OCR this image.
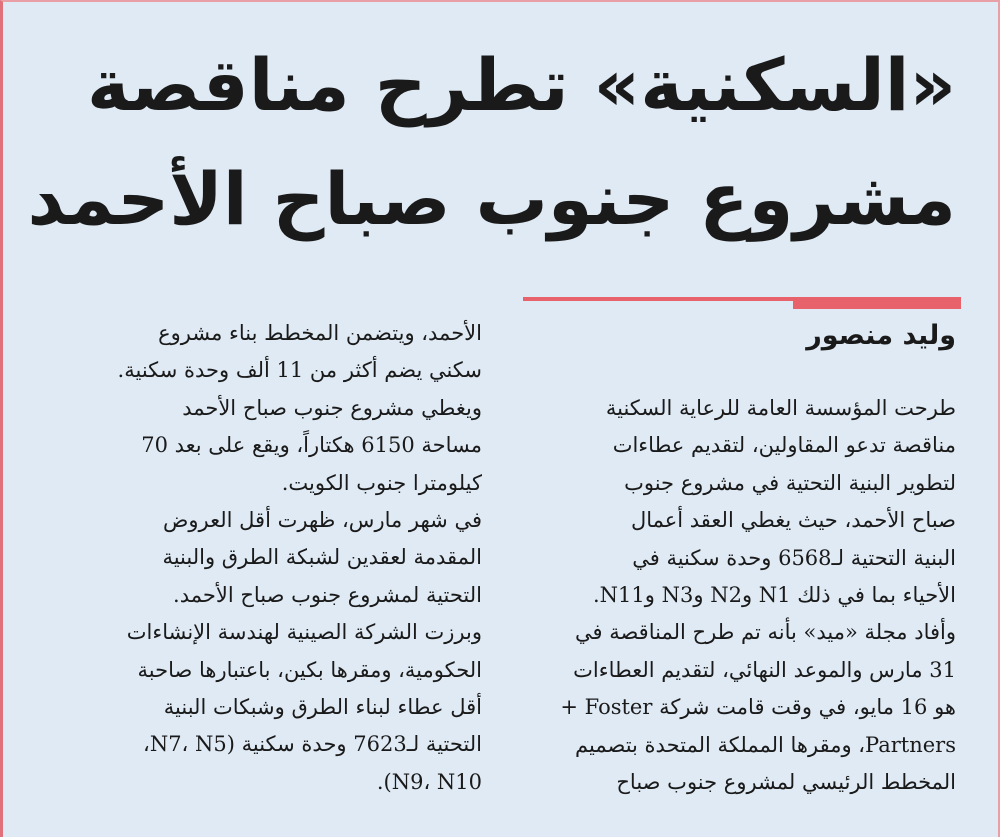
«السكنية» تطرح مناقصة
مشروع جنوب صباح الأحمد
وليد منصور
طرحت المؤسسة العامة للرعاية السكنية
مناقصة تدعو المقاولين، لتقديم عطاءات
لتطوير البنية التحتية في مشروع جنوب
صباح الأحمد، حيث يغطي العقد أعمال
البنية التحتية لـ6568 وحدة سكنية في
الأحياء بما في ذلك N1 وN2 وN3 وN11.
وأفاد مجلة «ميد» بأنه تم طرح المناقصة في
31 مارس والموعد النهائي، لتقديم العطاءات
هو 16 مايو، في وقت قامت شركة Foster +
Partners، ومقرها المملكة المتحدة بتصميم
المخطط الرئيسي لمشروع جنوب صباح
الأحمد، ويتضمن المخطط بناء مشروع
سكني يضم أكثر من 11 ألف وحدة سكنية.
ويغطي مشروع جنوب صباح الأحمد
مساحة 6150 هكتاراً، ويقع على بعد 70
كيلومترا جنوب الكويت.
في شهر مارس، ظهرت أقل العروض
المقدمة لعقدين لشبكة الطرق والبنية
التحتية لمشروع جنوب صباح الأحمد.
وبرزت الشركة الصينية لهندسة الإنشاءات
الحكومية، ومقرها بكين، باعتبارها صاحبة
أقل عطاء لبناء الطرق وشبكات البنية
التحتية لـ7623 وحدة سكنية (N7، N5،
N9، N10).
